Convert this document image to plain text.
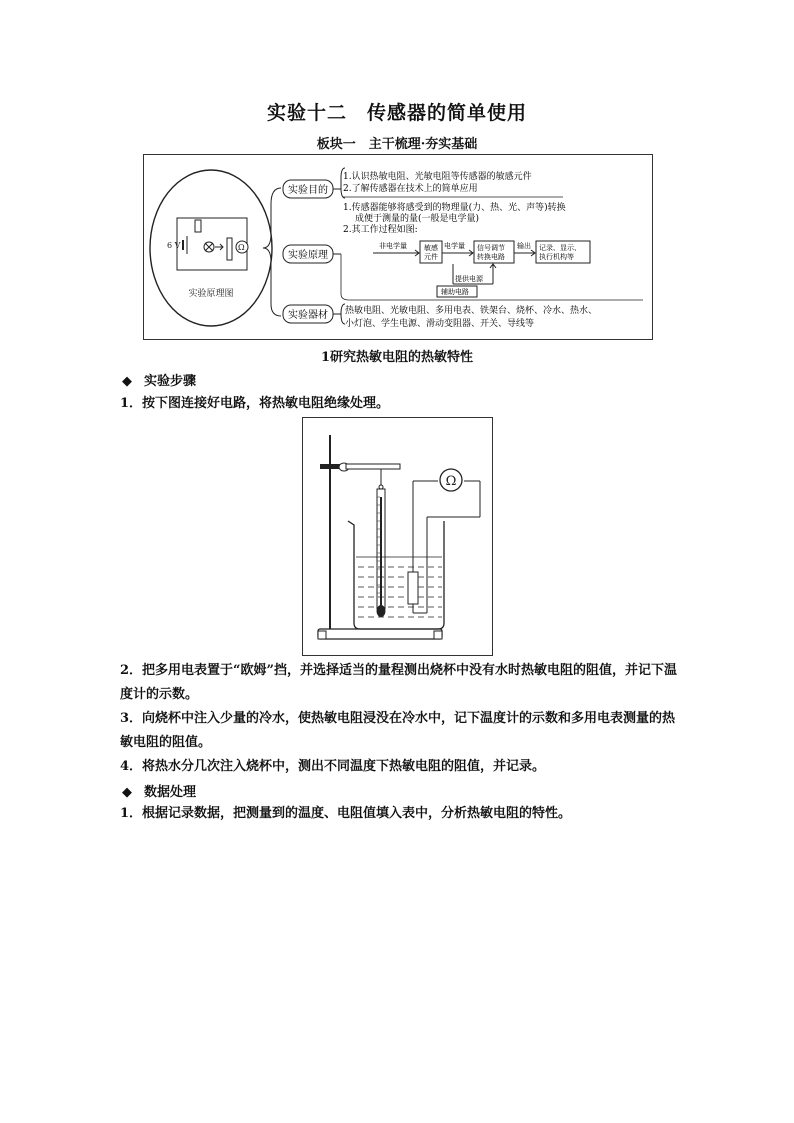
实验十二　传感器的简单使用
板块一　主干梳理·夯实基础
6 V	Ω
实验原理图
实验目的
1.认识热敏电阻、光敏电阻等传感器的敏感元件
2.了解传感器在技术上的简单应用
实验原理
1.传感器能够将感受到的物理量(力、热、光、声等)转换
成便于测量的量(一般是电学量)
2.其工作过程如图:
非电学量 敏感
元件
电学量 信号调节
转换电路
输出 记录、显示、
执行机构等
提供电源
辅助电路
实验器材 热敏电阻、光敏电阻、多用电表、铁架台、烧杯、冷水、热水、
小灯泡、学生电源、滑动变阻器、开关、导线等
1研究热敏电阻的热敏特性
◆ 实验步骤
1．按下图连接好电路，将热敏电阻绝缘处理。
Ω
2．把多用电表置于“欧姆”挡，并选择适当的量程测出烧杯中没有水时热敏电阻的阻值，并记下温度计的示数。
3．向烧杯中注入少量的冷水，使热敏电阻浸没在冷水中，记下温度计的示数和多用电表测量的热敏电阻的阻值。
4．将热水分几次注入烧杯中，测出不同温度下热敏电阻的阻值，并记录。
◆ 数据处理
1．根据记录数据，把测量到的温度、电阻值填入表中，分析热敏电阻的特性。
